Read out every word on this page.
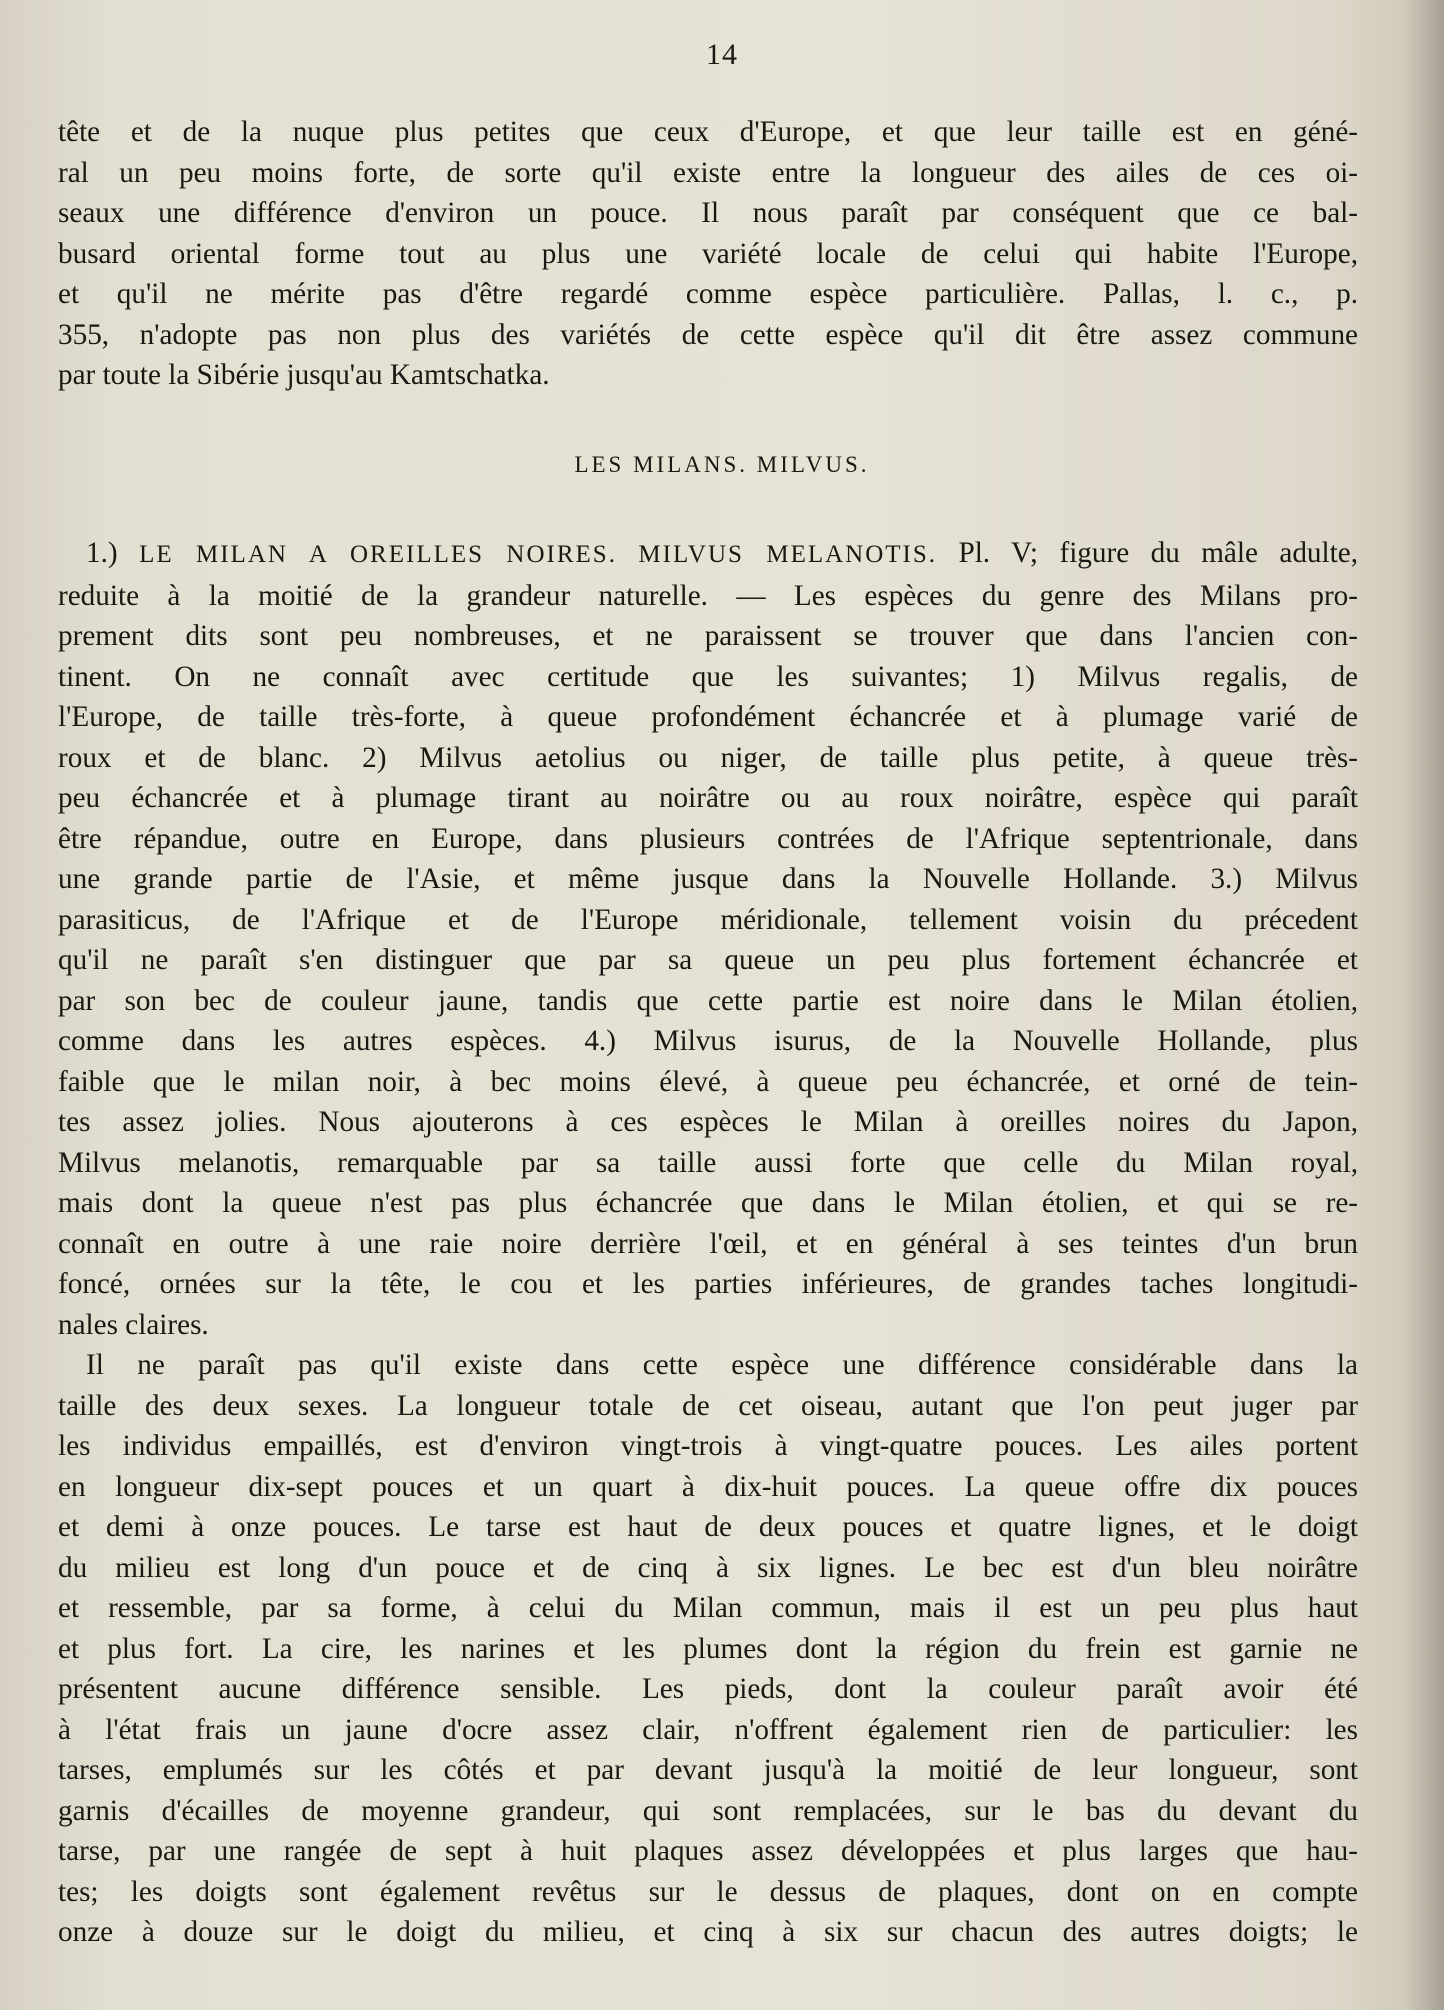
14
tête et de la nuque plus petites que ceux d'Europe, et que leur taille est en géné-
ral un peu moins forte, de sorte qu'il existe entre la longueur des ailes de ces oi-
seaux une différence d'environ un pouce. Il nous paraît par conséquent que ce bal-
busard oriental forme tout au plus une variété locale de celui qui habite l'Europe,
et qu'il ne mérite pas d'être regardé comme espèce particulière. Pallas, l. c., p.
355, n'adopte pas non plus des variétés de cette espèce qu'il dit être assez commune
par toute la Sibérie jusqu'au Kamtschatka.
LES MILANS. MILVUS.
1.) LE MILAN A OREILLES NOIRES. MILVUS MELANOTIS. Pl. V; figure du mâle adulte,
reduite à la moitié de la grandeur naturelle. — Les espèces du genre des Milans pro-
prement dits sont peu nombreuses, et ne paraissent se trouver que dans l'ancien con-
tinent. On ne connaît avec certitude que les suivantes; 1) Milvus regalis, de
l'Europe, de taille très-forte, à queue profondément échancrée et à plumage varié de
roux et de blanc. 2) Milvus aetolius ou niger, de taille plus petite, à queue très-
peu échancrée et à plumage tirant au noirâtre ou au roux noirâtre, espèce qui paraît
être répandue, outre en Europe, dans plusieurs contrées de l'Afrique septentrionale, dans
une grande partie de l'Asie, et même jusque dans la Nouvelle Hollande. 3.) Milvus
parasiticus, de l'Afrique et de l'Europe méridionale, tellement voisin du précedent
qu'il ne paraît s'en distinguer que par sa queue un peu plus fortement échancrée et
par son bec de couleur jaune, tandis que cette partie est noire dans le Milan étolien,
comme dans les autres espèces. 4.) Milvus isurus, de la Nouvelle Hollande, plus
faible que le milan noir, à bec moins élevé, à queue peu échancrée, et orné de tein-
tes assez jolies. Nous ajouterons à ces espèces le Milan à oreilles noires du Japon,
Milvus melanotis, remarquable par sa taille aussi forte que celle du Milan royal,
mais dont la queue n'est pas plus échancrée que dans le Milan étolien, et qui se re-
connaît en outre à une raie noire derrière l'œil, et en général à ses teintes d'un brun
foncé, ornées sur la tête, le cou et les parties inférieures, de grandes taches longitudi-
nales claires.
Il ne paraît pas qu'il existe dans cette espèce une différence considérable dans la
taille des deux sexes. La longueur totale de cet oiseau, autant que l'on peut juger par
les individus empaillés, est d'environ vingt-trois à vingt-quatre pouces. Les ailes portent
en longueur dix-sept pouces et un quart à dix-huit pouces. La queue offre dix pouces
et demi à onze pouces. Le tarse est haut de deux pouces et quatre lignes, et le doigt
du milieu est long d'un pouce et de cinq à six lignes. Le bec est d'un bleu noirâtre
et ressemble, par sa forme, à celui du Milan commun, mais il est un peu plus haut
et plus fort. La cire, les narines et les plumes dont la région du frein est garnie ne
présentent aucune différence sensible. Les pieds, dont la couleur paraît avoir été
à l'état frais un jaune d'ocre assez clair, n'offrent également rien de particulier: les
tarses, emplumés sur les côtés et par devant jusqu'à la moitié de leur longueur, sont
garnis d'écailles de moyenne grandeur, qui sont remplacées, sur le bas du devant du
tarse, par une rangée de sept à huit plaques assez développées et plus larges que hau-
tes; les doigts sont également revêtus sur le dessus de plaques, dont on en compte
onze à douze sur le doigt du milieu, et cinq à six sur chacun des autres doigts; le
